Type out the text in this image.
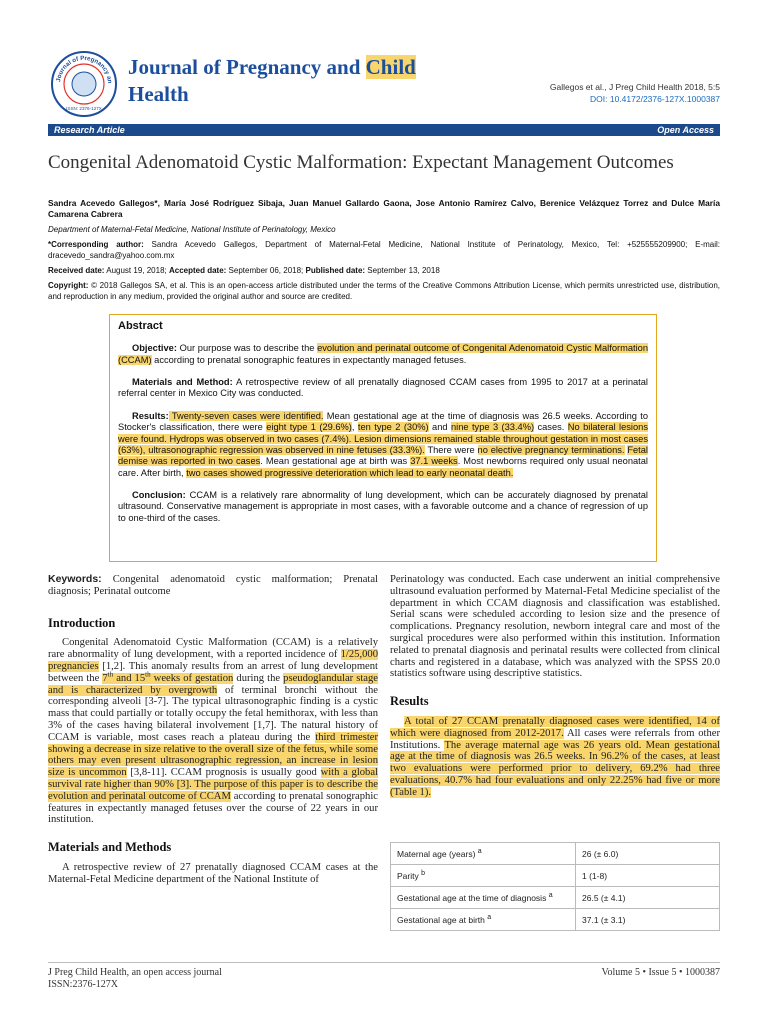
Journal of Pregnancy an
ISSN: 2376-127X
Journal of Pregnancy and Child
Health	Gallegos et al., J Preg Child Health 2018, 5:5
DOI: 10.4172/2376-127X.1000387
Research Article	Open Access
Congenital Adenomatoid Cystic Malformation: Expectant Management Outcomes
Sandra Acevedo Gallegos*, María José Rodríguez Sibaja, Juan Manuel Gallardo Gaona, Jose Antonio Ramírez Calvo, Berenice Velázquez Torrez and Dulce María Camarena Cabrera
Department of Maternal-Fetal Medicine, National Institute of Perinatology, Mexico
*Corresponding author: Sandra Acevedo Gallegos, Department of Maternal-Fetal Medicine, National Institute of Perinatology, Mexico, Tel: +525555209900; E-mail: dracevedo_sandra@yahoo.com.mx
Received date: August 19, 2018; Accepted date: September 06, 2018; Published date: September 13, 2018
Copyright: © 2018 Gallegos SA, et al. This is an open-access article distributed under the terms of the Creative Commons Attribution License, which permits unrestricted use, distribution, and reproduction in any medium, provided the original author and source are credited.
Abstract

Objective: Our purpose was to describe the evolution and perinatal outcome of Congenital Adenomatoid Cystic Malformation (CCAM) according to prenatal sonographic features in expectantly managed fetuses.

Materials and Method: A retrospective review of all prenatally diagnosed CCAM cases from 1995 to 2017 at a perinatal referral center in Mexico City was conducted.

Results: Twenty-seven cases were identified. Mean gestational age at the time of diagnosis was 26.5 weeks. According to Stocker's classification, there were eight type 1 (29.6%), ten type 2 (30%) and nine type 3 (33.4%) cases. No bilateral lesions were found. Hydrops was observed in two cases (7.4%). Lesion dimensions remained stable throughout gestation in most cases (63%), ultrasonographic regression was observed in nine fetuses (33.3%). There were no elective pregnancy terminations. Fetal demise was reported in two cases. Mean gestational age at birth was 37.1 weeks. Most newborns required only usual neonatal care. After birth, two cases showed progressive deterioration which lead to early neonatal death.

Conclusion: CCAM is a relatively rare abnormality of lung development, which can be accurately diagnosed by prenatal ultrasound. Conservative management is appropriate in most cases, with a favorable outcome and a chance of regression of up to one-third of the cases.

Keywords: Congenital adenomatoid cystic malformation; Prenatal diagnosis; Perinatal outcome

Introduction

Congenital Adenomatoid Cystic Malformation (CCAM) is a relatively rare abnormality of lung development, with a reported incidence of 1/25,000 pregnancies [1,2]. This anomaly results from an arrest of lung development between the 7th and 15th weeks of gestation during the pseudoglandular stage and is characterized by overgrowth of terminal bronchi without the corresponding alveoli [3-7]. The typical ultrasonographic finding is a cystic mass that could partially or totally occupy the fetal hemithorax, with less than 3% of the cases having bilateral involvement [1,7]. The natural history of CCAM is variable, most cases reach a plateau during the third trimester showing a decrease in size relative to the overall size of the fetus, while some others may even present ultrasonographic regression, an increase in lesion size is uncommon [3,8-11]. CCAM prognosis is usually good with a global survival rate higher than 90% [3]. The purpose of this paper is to describe the evolution and perinatal outcome of CCAM according to prenatal sonographic features in expectantly managed fetuses over the course of 22 years in our institution.

Materials and Methods

A retrospective review of 27 prenatally diagnosed CCAM cases at the Maternal-Fetal Medicine department of the National Institute of

Perinatology was conducted. Each case underwent an initial comprehensive ultrasound evaluation performed by Maternal-Fetal Medicine specialist of the department in which CCAM diagnosis and classification was established. Serial scans were scheduled according to lesion size and the presence of complications. Pregnancy resolution, newborn integral care and most of the surgical procedures were also performed within this institution. Information related to prenatal diagnosis and perinatal results were collected from clinical charts and registered in a database, which was analyzed with the SPSS 20.0 statistics software using descriptive statistics.

Results

A total of 27 CCAM prenatally diagnosed cases were identified, 14 of which were diagnosed from 2012-2017. All cases were referrals from other Institutions. The average maternal age was 26 years old. Mean gestational age at the time of diagnosis was 26.5 weeks. In 96.2% of the cases, at least two evaluations were performed prior to delivery, 69.2% had three evaluations, 40.7% had four evaluations and only 22.25% had five or more (Table 1).

Maternal age (years) $^a$	26 (± 6.0)
Parity $^b$	1 (1-8)
Gestational age at the time of diagnosis $^a$	26.5 (± 4.1)
Gestational age at birth $^a$	37.1 (± 3.1)
J Preg Child Health, an open access journal
ISSN:2376-127X
Volume 5 • Issue 5 • 1000387
